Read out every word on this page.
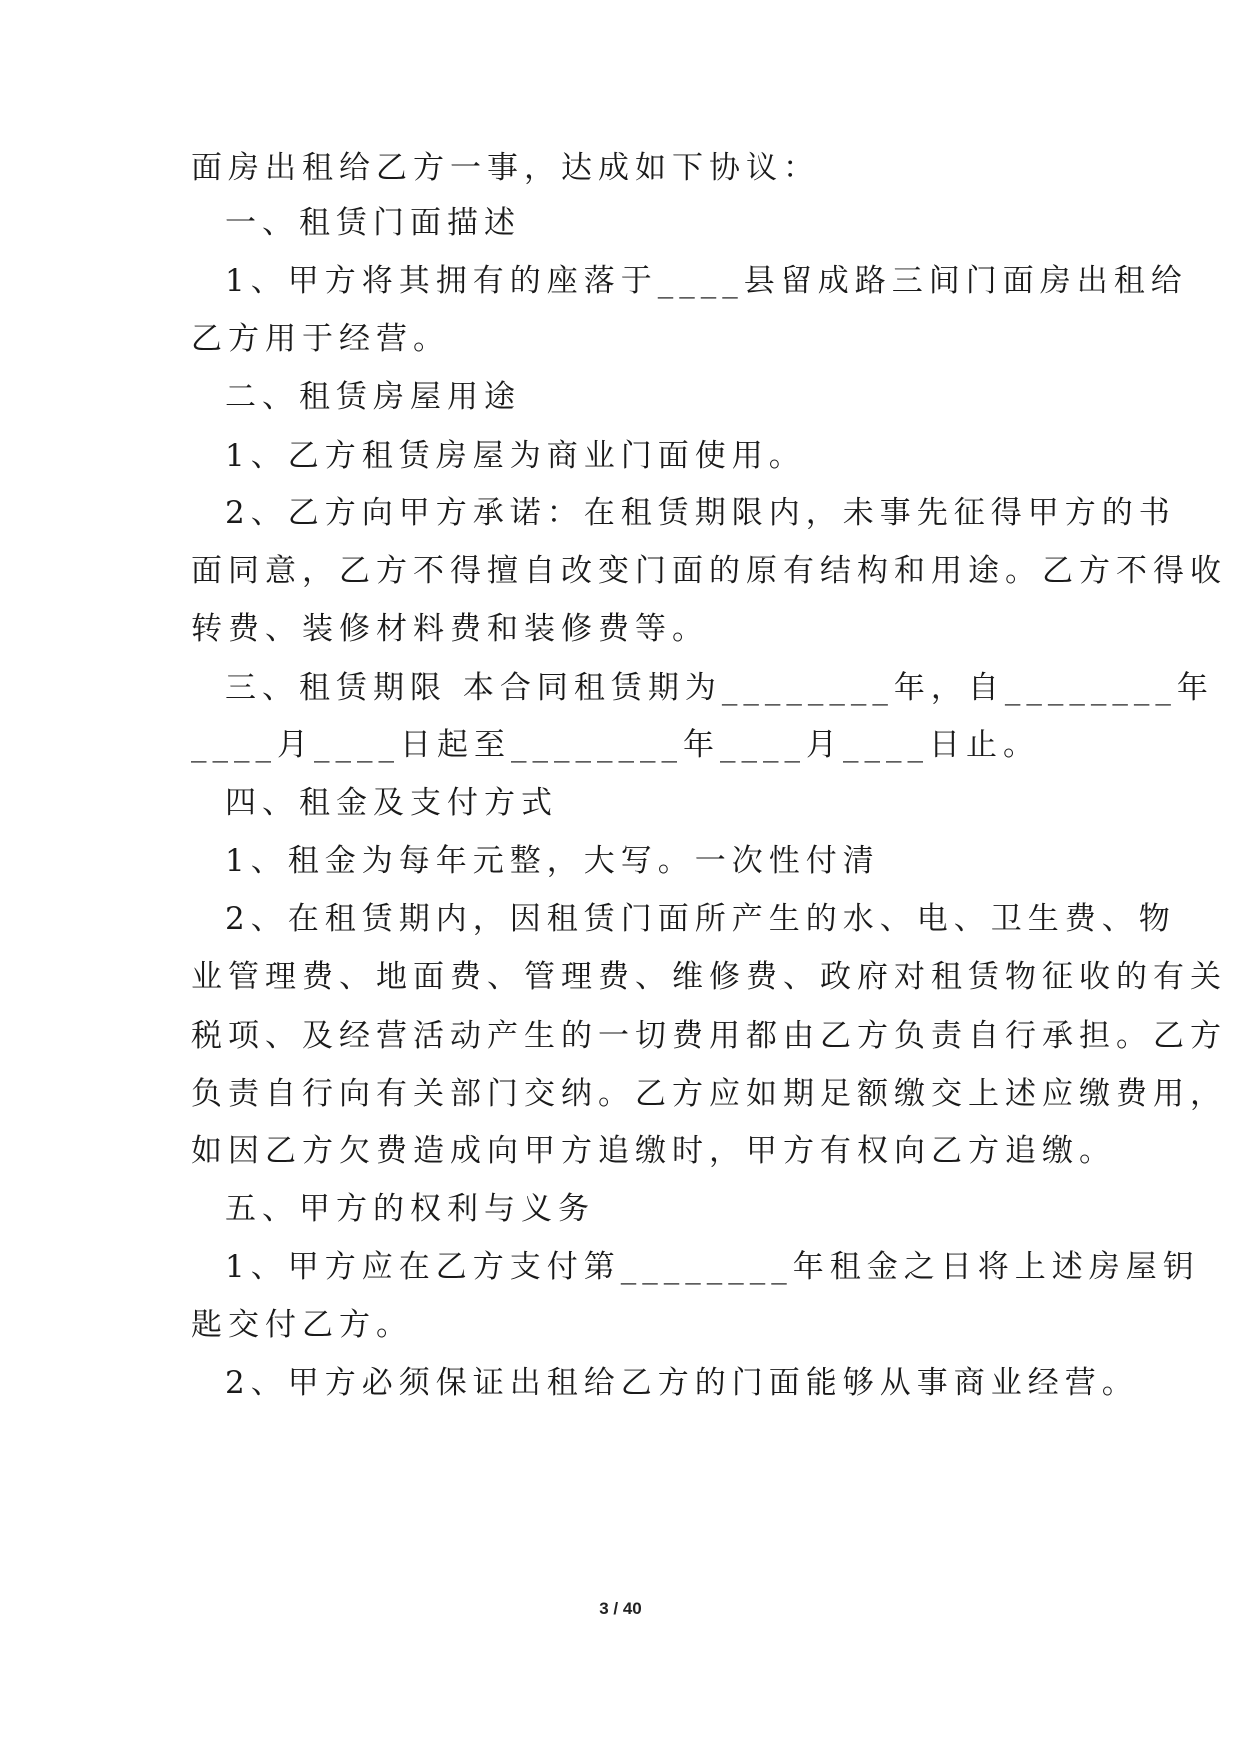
面房出租给乙方一事，达成如下协议：
一、租赁门面描述
1、甲方将其拥有的座落于____县留成路三间门面房出租给
乙方用于经营。
二、租赁房屋用途
1、乙方租赁房屋为商业门面使用。
2、乙方向甲方承诺：在租赁期限内，未事先征得甲方的书
面同意，乙方不得擅自改变门面的原有结构和用途。乙方不得收
转费、装修材料费和装修费等。
三、租赁期限 本合同租赁期为________年，自________年
____月____日起至________年____月____日止。
四、租金及支付方式
1、租金为每年元整，大写。一次性付清
2、在租赁期内，因租赁门面所产生的水、电、卫生费、物
业管理费、地面费、管理费、维修费、政府对租赁物征收的有关
税项、及经营活动产生的一切费用都由乙方负责自行承担。乙方
负责自行向有关部门交纳。乙方应如期足额缴交上述应缴费用，
如因乙方欠费造成向甲方追缴时，甲方有权向乙方追缴。
五、甲方的权利与义务
1、甲方应在乙方支付第________年租金之日将上述房屋钥
匙交付乙方。
2、甲方必须保证出租给乙方的门面能够从事商业经营。
3 / 40
